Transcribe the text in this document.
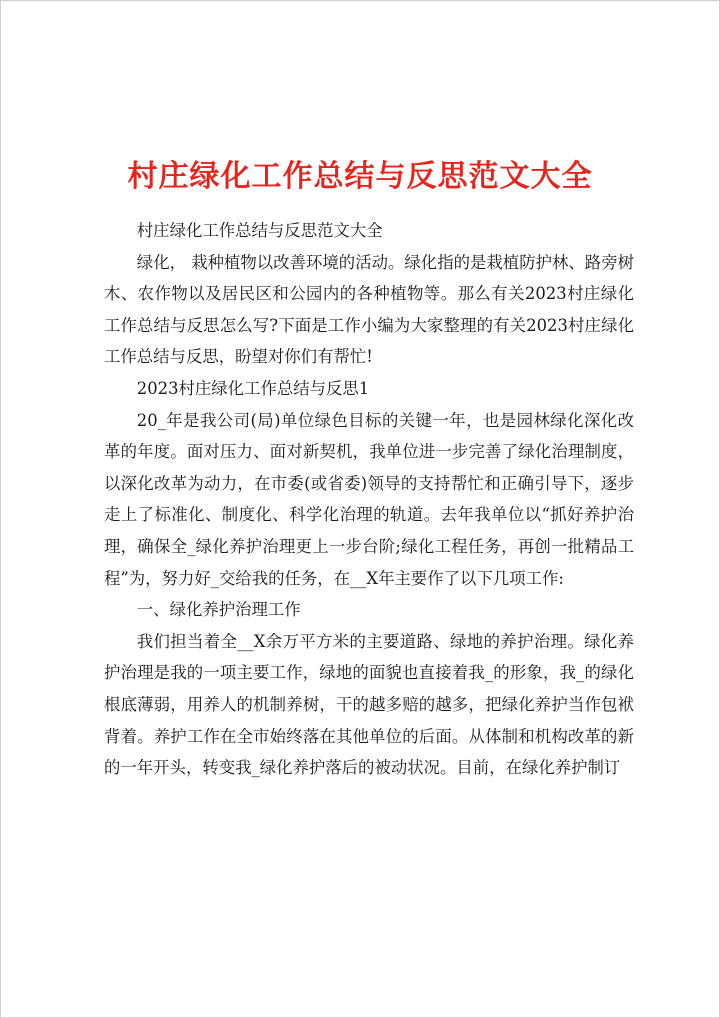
村庄绿化工作总结与反思范文大全

村庄绿化工作总结与反思范文大全

绿化， 栽种植物以改善环境的活动。绿化指的是栽植防护林、路旁树木、农作物以及居民区和公园内的各种植物等。那么有关2023村庄绿化工作总结与反思怎么写?下面是工作小编为大家整理的有关2023村庄绿化工作总结与反思，盼望对你们有帮忙!

2023村庄绿化工作总结与反思1

20_年是我公司(局)单位绿色目标的关键一年，也是园林绿化深化改革的年度。面对压力、面对新契机，我单位进一步完善了绿化治理制度，以深化改革为动力，在市委(或省委)领导的支持帮忙和正确引导下，逐步走上了标准化、制度化、科学化治理的轨道。去年我单位以“抓好养护治理，确保全_绿化养护治理更上一步台阶;绿化工程任务，再创一批精品工程”为，努力好_交给我的任务，在__X年主要作了以下几项工作:

一、绿化养护治理工作

我们担当着全__X余万平方米的主要道路、绿地的养护治理。绿化养护治理是我的一项主要工作，绿地的面貌也直接着我_的形象，我_的绿化根底薄弱，用养人的机制养树，干的越多赔的越多，把绿化养护当作包袱背着。养护工作在全市始终落在其他单位的后面。从体制和机构改革的新的一年开头，转变我_绿化养护落后的被动状况。目前，在绿化养护制订
